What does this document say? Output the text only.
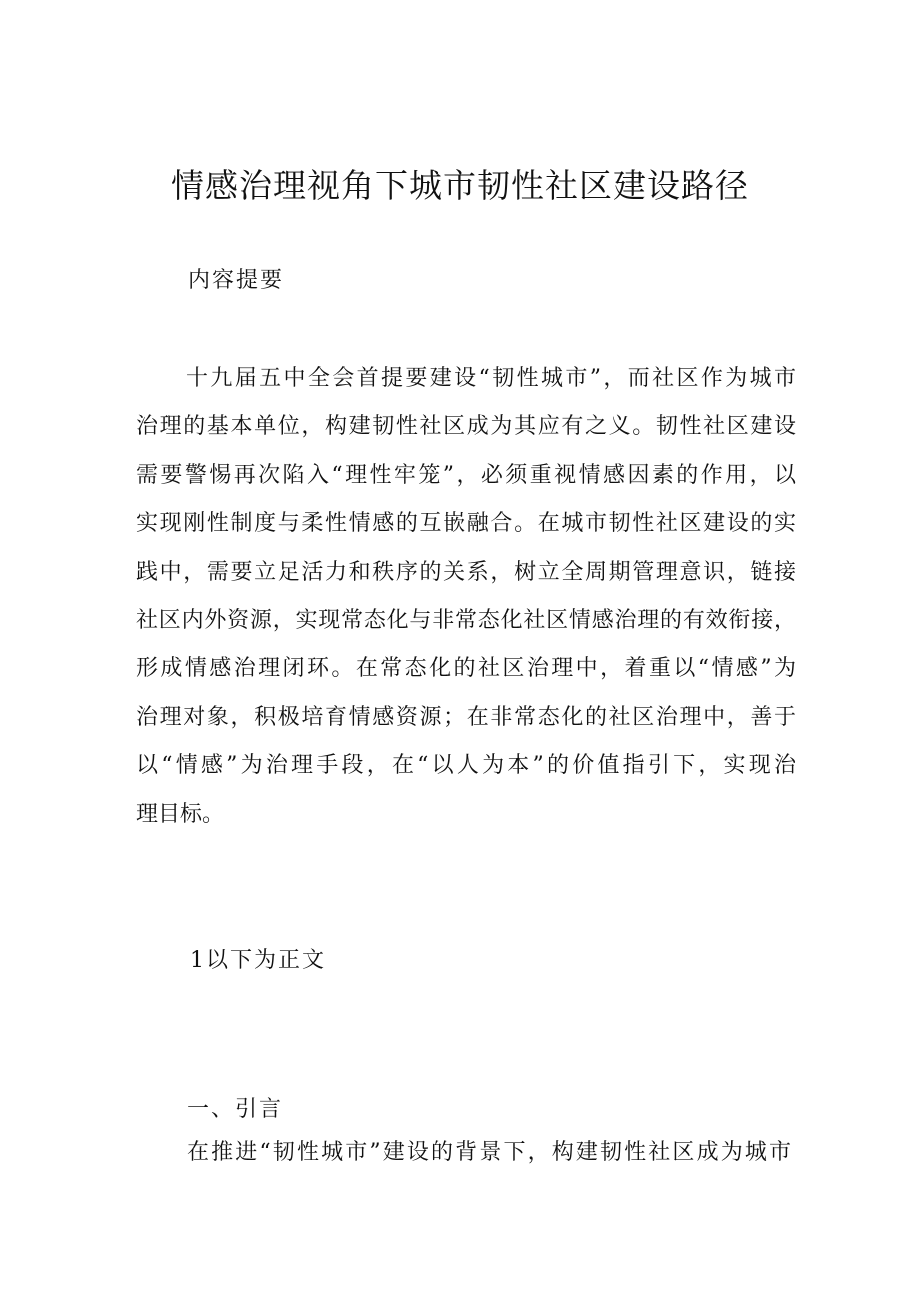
情感治理视角下城市韧性社区建设路径
内容提要
十九届五中全会首提要建设“韧性城市”，而社区作为城市
治理的基本单位，构建韧性社区成为其应有之义。韧性社区建设
需要警惕再次陷入“理性牢笼”，必须重视情感因素的作用，以
实现刚性制度与柔性情感的互嵌融合。在城市韧性社区建设的实
践中，需要立足活力和秩序的关系，树立全周期管理意识，链接
社区内外资源，实现常态化与非常态化社区情感治理的有效衔接，
形成情感治理闭环。在常态化的社区治理中，着重以“情感”为
治理对象，积极培育情感资源；在非常态化的社区治理中，善于
以“情感”为治理手段，在“以人为本”的价值指引下，实现治
理目标。
1以下为正文
一、引言
在推进“韧性城市”建设的背景下，构建韧性社区成为城市
